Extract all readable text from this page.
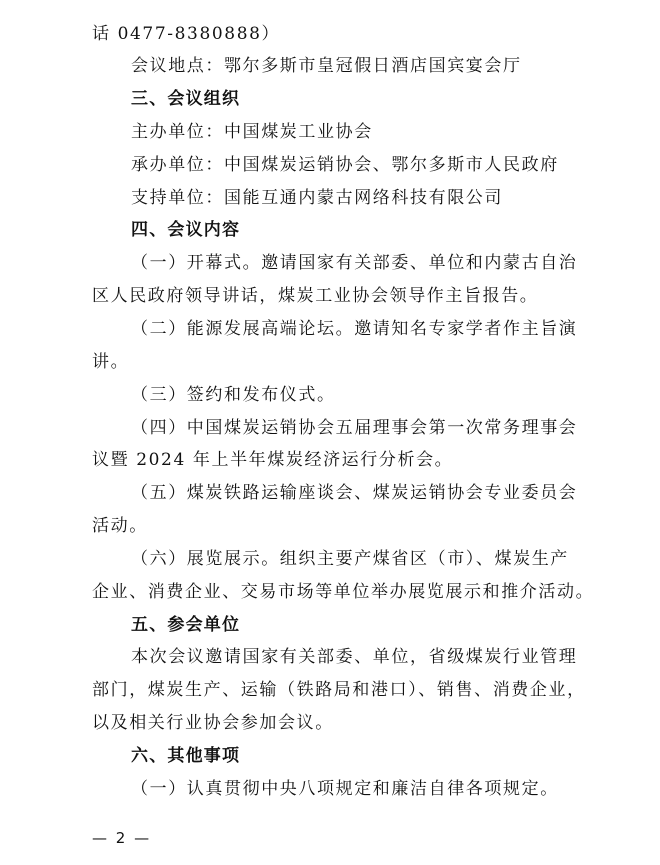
话 0477-8380888）
会议地点：鄂尔多斯市皇冠假日酒店国宾宴会厅
三、会议组织
主办单位：中国煤炭工业协会
承办单位：中国煤炭运销协会、鄂尔多斯市人民政府
支持单位：国能互通内蒙古网络科技有限公司
四、会议内容
（一）开幕式。邀请国家有关部委、单位和内蒙古自治
区人民政府领导讲话，煤炭工业协会领导作主旨报告。
（二）能源发展高端论坛。邀请知名专家学者作主旨演
讲。
（三）签约和发布仪式。
（四）中国煤炭运销协会五届理事会第一次常务理事会
议暨 2024 年上半年煤炭经济运行分析会。
（五）煤炭铁路运输座谈会、煤炭运销协会专业委员会
活动。
（六）展览展示。组织主要产煤省区（市）、煤炭生产
企业、消费企业、交易市场等单位举办展览展示和推介活动。
五、参会单位
本次会议邀请国家有关部委、单位，省级煤炭行业管理
部门，煤炭生产、运输（铁路局和港口）、销售、消费企业，
以及相关行业协会参加会议。
六、其他事项
（一）认真贯彻中央八项规定和廉洁自律各项规定。
— 2 —
